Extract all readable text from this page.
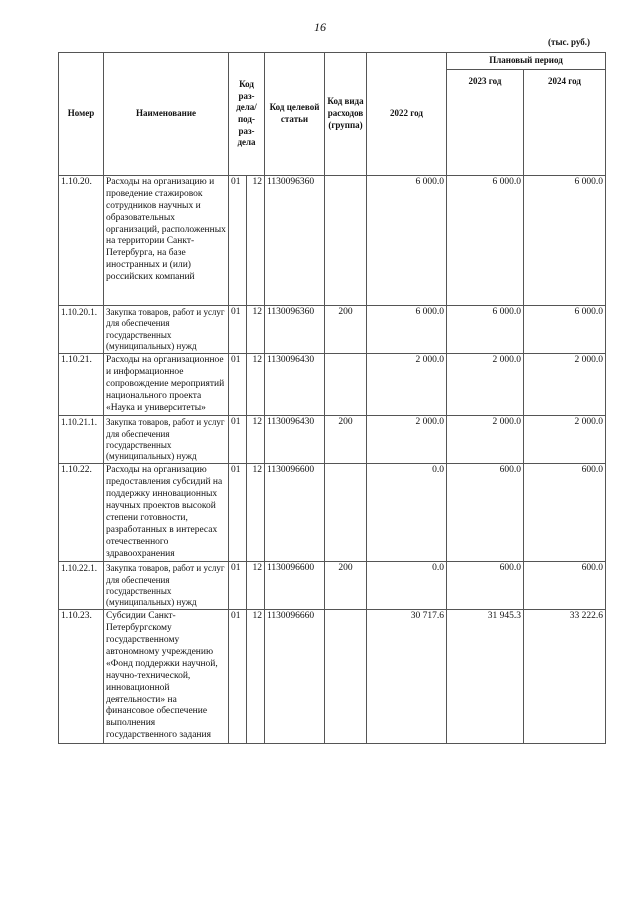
16
(тыс. руб.)
Номер	Наименование	Код раз-дела/ под-раз-дела		Код целевой статьи	Код вида расходов (группа)	2022 год	Плановый период	
							2023 год	2024 год
1.10.20.	Расходы на организацию и проведение стажировок сотрудников научных и образовательных организаций, расположенных на территории Санкт-Петербурга, на базе иностранных и (или) российских компаний	01	12	1130096360		6 000.0	6 000.0	6 000.0
1.10.20.1.	Закупка товаров, работ и услуг для обеспечения государственных (муниципальных) нужд	01	12	1130096360	200	6 000.0	6 000.0	6 000.0
1.10.21.	Расходы на организационное и информационное сопровождение мероприятий национального проекта «Наука и университеты»	01	12	1130096430		2 000.0	2 000.0	2 000.0
1.10.21.1.	Закупка товаров, работ и услуг для обеспечения государственных (муниципальных) нужд	01	12	1130096430	200	2 000.0	2 000.0	2 000.0
1.10.22.	Расходы на организацию предоставления субсидий на поддержку инновационных научных проектов высокой степени готовности, разработанных в интересах отечественного здравоохранения	01	12	1130096600		0.0	600.0	600.0
1.10.22.1.	Закупка товаров, работ и услуг для обеспечения государственных (муниципальных) нужд	01	12	1130096600	200	0.0	600.0	600.0
1.10.23.	Субсидии Санкт-Петербургскому государственному автономному учреждению «Фонд поддержки научной, научно-технической, инновационной деятельности» на финансовое обеспечение выполнения государственного задания	01	12	1130096660		30 717.6	31 945.3	33 222.6
